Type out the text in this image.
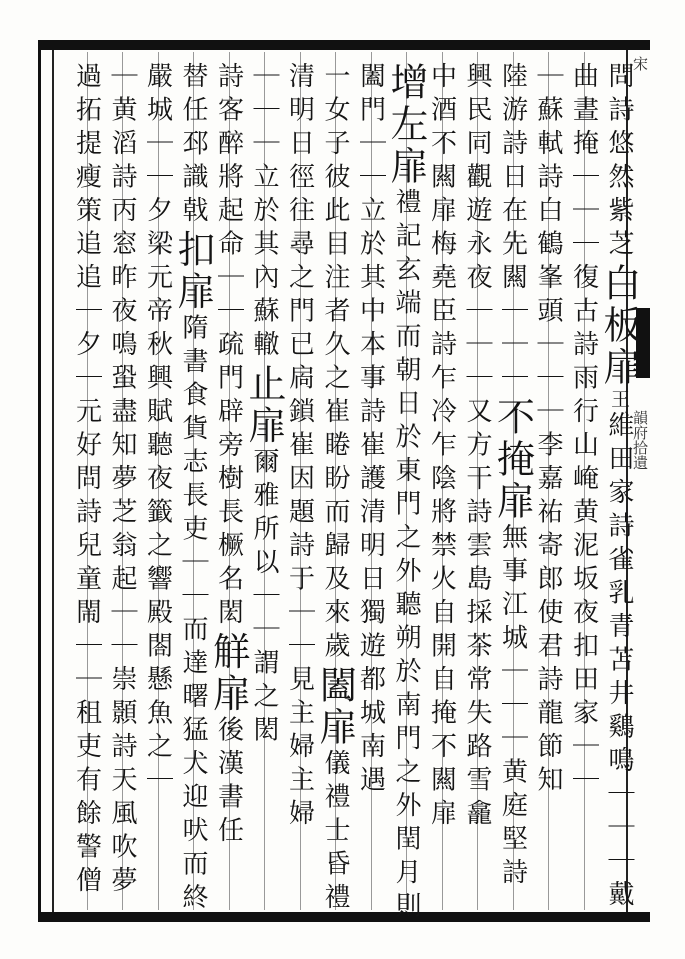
宋
韻府拾遺
問詩悠然紫芝白板扉王維田家詩雀乳青苫井鷄鳴｜｜｜戴
曲晝掩｜｜｜復古詩雨行山崦黄泥坂夜扣田家｜｜
｜蘇軾詩白鶴峯頭｜｜｜李嘉祐寄郎使君詩龍節知
陸游詩日在先闗｜｜｜不掩扉無事江城｜｜｜黄庭堅詩
興民同觀遊永夜｜｜｜又方干詩雲島採茶常失路雪龕
中酒不闗扉梅堯臣詩乍冷乍陰將禁火自開自掩不闗扉
增左扉禮記玄端而朝日於東門之外聽朔於南門之外閏月則
闔門｜｜立於其中本事詩崔護清明日獨遊都城南遇
一女子彼此目注者久之崔睠盼而歸及來歲闔扉儀禮士昏禮
清明日徑往尋之門已扄鎖崔因題詩于｜｜見主婦主婦
｜｜｜立於其內蘇轍止扉爾雅所以｜｜謂之閎
詩客醉將起命｜｜疏門辟旁樹長橛名閎觧扉後漢書任
替任邳識戟扣扉隋書食貨志長吏｜｜而達曙猛犬迎吠而終
嚴城｜｜夕梁元帝秋興賦聽夜籤之響殿閤懸魚之｜
｜黄滔詩丙窓昨夜鳴蛩盡知夢芝翁起｜｜崇顥詩天風吹夢
過拓提瘦策追追｜夕｜元好問詩兒童閙｜｜租吏有餘警僧
